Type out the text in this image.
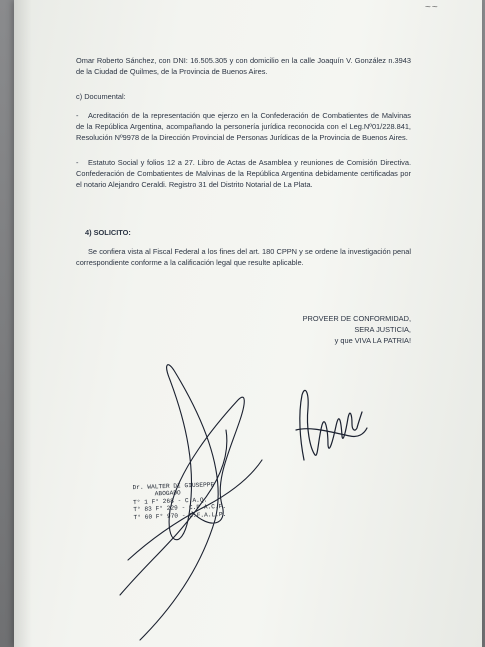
~~
Omar Roberto Sánchez, con DNI: 16.505.305 y con domicilio en la calle Joaquín V. González n.3943 de la Ciudad de Quilmes, de la Provincia de Buenos Aires.
c) Documental:
-	Acreditación de la representación que ejerzo en la Confederación de Combatientes de Malvinas de la República Argentina, acompañando la personería jurídica reconocida con el Leg.Nº01/228.841, Resolución Nº9978 de la Dirección Provincial de Personas Jurídicas de la Provincia de Buenos Aires.
-	Estatuto Social y folios 12 a 27. Libro de Actas de Asamblea y reuniones de Comisión Directiva. Confederación de Combatientes de Malvinas de la República Argentina debidamente certificadas por el notario Alejandro Ceraldi. Registro 31 del Distrito Notarial de La Plata.
4) SOLICITO:
Se confiera vista al Fiscal Federal a los fines del art. 180 CPPN y se ordene la investigación penal correspondiente conforme a la calificación legal que resulte aplicable.
PROVEER DE CONFORMIDAD,
SERA JUSTICIA,
y que VIVA LA PATRIA!
Dr. WALTER DI GIUSEPPE
ABOGADO
T° 1 F° 268 - C.A.Q.
T° 83 F° 229 - C.P.A.C.F.
T° 60 F° 970 - C.F.A.L.P.
